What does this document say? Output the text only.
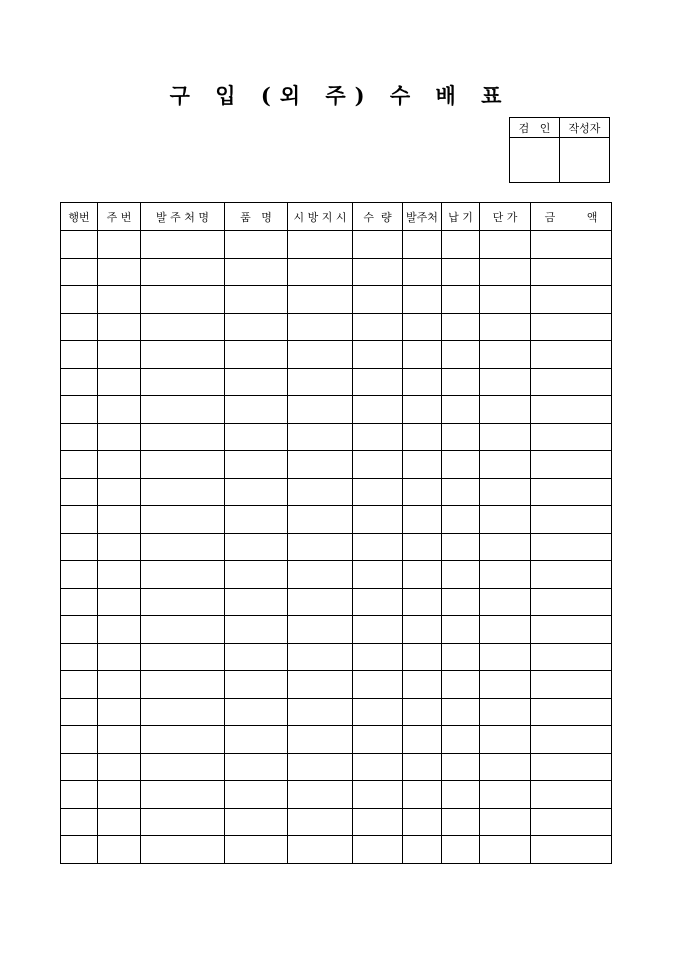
구 입 (외 주) 수 배 표
검   인	작성자

행번	주 번	발 주 처 명	품   명	시 방 지 시	수  량	발주처	납 기	단 가	금         액
